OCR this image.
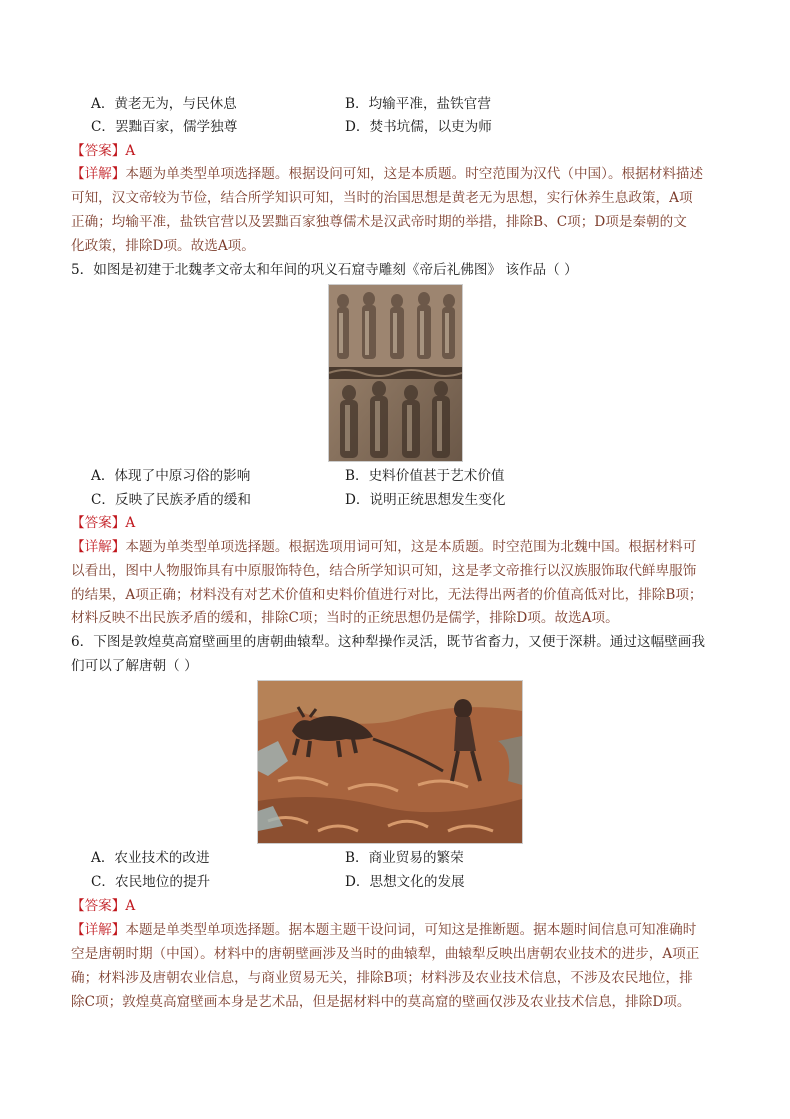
A．黄老无为，与民休息	B．均输平准，盐铁官营
C．罢黜百家，儒学独尊	D．焚书坑儒，以吏为师
【答案】A
【详解】本题为单类型单项选择题。根据设问可知，这是本质题。时空范围为汉代（中国）。根据材料描述
可知，汉文帝较为节俭，结合所学知识可知，当时的治国思想是黄老无为思想，实行休养生息政策，A项
正确；均输平准，盐铁官营以及罢黜百家独尊儒术是汉武帝时期的举措，排除B、C项；D项是秦朝的文
化政策，排除D项。故选A项。
5．如图是初建于北魏孝文帝太和年间的巩义石窟寺雕刻《帝后礼佛图》 该作品（ ）
A．体现了中原习俗的影响	B．史料价值甚于艺术价值
C．反映了民族矛盾的缓和	D．说明正统思想发生变化
【答案】A
【详解】本题为单类型单项选择题。根据选项用词可知，这是本质题。时空范围为北魏中国。根据材料可
以看出，图中人物服饰具有中原服饰特色，结合所学知识可知，这是孝文帝推行以汉族服饰取代鲜卑服饰
的结果，A项正确；材料没有对艺术价值和史料价值进行对比，无法得出两者的价值高低对比，排除B项；
材料反映不出民族矛盾的缓和，排除C项；当时的正统思想仍是儒学，排除D项。故选A项。
6．下图是敦煌莫高窟壁画里的唐朝曲辕犁。这种犁操作灵活，既节省畜力，又便于深耕。通过这幅壁画我
们可以了解唐朝（ ）
A．农业技术的改进	B．商业贸易的繁荣
C．农民地位的提升	D．思想文化的发展
【答案】A
【详解】本题是单类型单项选择题。据本题主题干设问词，可知这是推断题。据本题时间信息可知准确时
空是唐朝时期（中国）。材料中的唐朝壁画涉及当时的曲辕犁，曲辕犁反映出唐朝农业技术的进步，A项正
确；材料涉及唐朝农业信息，与商业贸易无关，排除B项；材料涉及农业技术信息，不涉及农民地位，排
除C项；敦煌莫高窟壁画本身是艺术品，但是据材料中的莫高窟的壁画仅涉及农业技术信息，排除D项。
